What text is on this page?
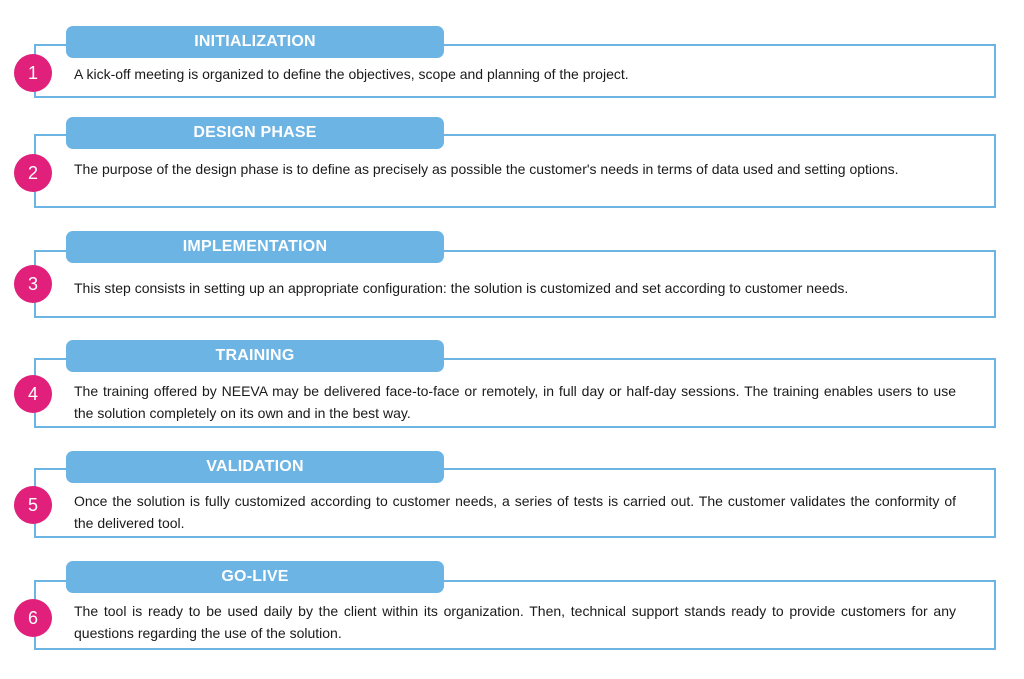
A kick-off meeting is organized to define the objectives, scope and planning of the project.
INITIALIZATION
1
The purpose of the design phase is to define as precisely as possible the customer's needs in terms of data used and setting options.
DESIGN PHASE
2
This step consists in setting up an appropriate configuration: the solution is customized and set according to customer needs.
IMPLEMENTATION
3
The training offered by NEEVA may be delivered face-to-face or remotely, in full day or half-day sessions. The training enables users to use the solution completely on its own and in the best way.
TRAINING
4
Once the solution is fully customized according to customer needs, a series of tests is carried out. The customer validates the conformity of the delivered tool.
VALIDATION
5
The tool is ready to be used daily by the client within its organization. Then, technical support stands ready to provide customers for any questions regarding the use of the solution.
GO-LIVE
6
